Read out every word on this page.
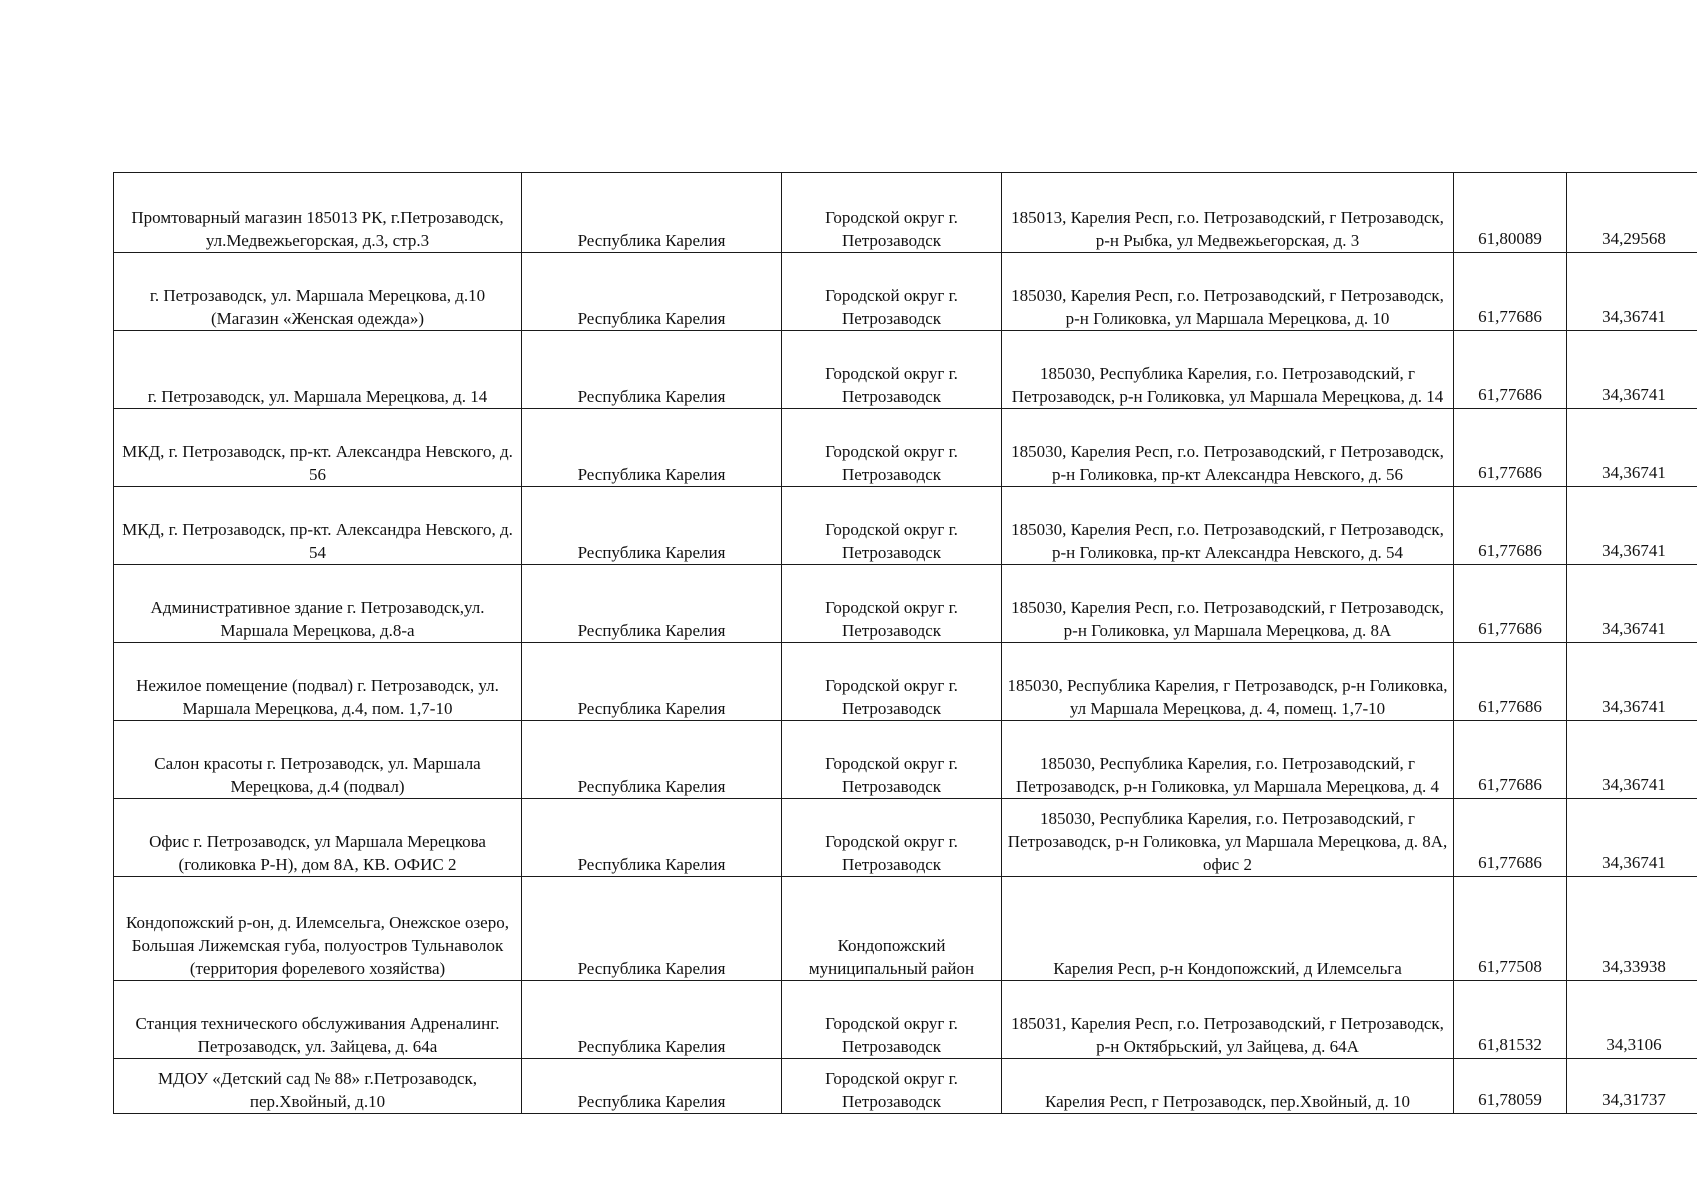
Промтоварный магазин 185013 РК, г.Петрозаводск, ул.Медвежьегорская, д.3, стр.3	Республика Карелия	Городской округ г. Петрозаводск	185013, Карелия Респ, г.о. Петрозаводский, г Петрозаводск, р-н Рыбка, ул Медвежьегорская, д. 3	61,80089	34,29568
г. Петрозаводск, ул. Маршала Мерецкова, д.10 (Магазин «Женская одежда»)	Республика Карелия	Городской округ г. Петрозаводск	185030, Карелия Респ, г.о. Петрозаводский, г Петрозаводск, р-н Голиковка, ул Маршала Мерецкова, д. 10	61,77686	34,36741
г. Петрозаводск, ул. Маршала Мерецкова, д. 14	Республика Карелия	Городской округ г. Петрозаводск	185030, Республика Карелия, г.о. Петрозаводский, г Петрозаводск, р-н Голиковка, ул Маршала Мерецкова, д. 14	61,77686	34,36741
МКД, г. Петрозаводск, пр-кт. Александра Невского, д. 56	Республика Карелия	Городской округ г. Петрозаводск	185030, Карелия Респ, г.о. Петрозаводский, г Петрозаводск, р-н Голиковка, пр-кт Александра Невского, д. 56	61,77686	34,36741
МКД, г. Петрозаводск, пр-кт. Александра Невского, д. 54	Республика Карелия	Городской округ г. Петрозаводск	185030, Карелия Респ, г.о. Петрозаводский, г Петрозаводск, р-н Голиковка, пр-кт Александра Невского, д. 54	61,77686	34,36741
Административное здание г. Петрозаводск,ул. Маршала Мерецкова, д.8-а	Республика Карелия	Городской округ г. Петрозаводск	185030, Карелия Респ, г.о. Петрозаводский, г Петрозаводск, р-н Голиковка, ул Маршала Мерецкова, д. 8А	61,77686	34,36741
Нежилое помещение (подвал) г. Петрозаводск, ул. Маршала Мерецкова, д.4, пом. 1,7-10	Республика Карелия	Городской округ г. Петрозаводск	185030, Республика Карелия, г Петрозаводск, р-н Голиковка, ул Маршала Мерецкова, д. 4, помещ. 1,7-10	61,77686	34,36741
Салон красоты г. Петрозаводск, ул. Маршала Мерецкова, д.4 (подвал)	Республика Карелия	Городской округ г. Петрозаводск	185030, Республика Карелия, г.о. Петрозаводский, г Петрозаводск, р-н Голиковка, ул Маршала Мерецкова, д. 4	61,77686	34,36741
Офис г. Петрозаводск, ул Маршала Мерецкова (голиковка Р-Н), дом 8А, КВ. ОФИС 2	Республика Карелия	Городской округ г. Петрозаводск	185030, Республика Карелия, г.о. Петрозаводский, г Петрозаводск, р-н Голиковка, ул Маршала Мерецкова, д. 8А, офис 2	61,77686	34,36741
Кондопожский р-он, д. Илемсельга, Онежское озеро, Большая Лижемская губа, полуостров Тульнаволок (территория форелевого хозяйства)	Республика Карелия	Кондопожский муниципальный район	Карелия Респ, р-н Кондопожский, д Илемсельга	61,77508	34,33938
Станция технического обслуживания Адреналинг. Петрозаводск, ул. Зайцева, д. 64а	Республика Карелия	Городской округ г. Петрозаводск	185031, Карелия Респ, г.о. Петрозаводский, г Петрозаводск, р-н Октябрьский, ул Зайцева, д. 64А	61,81532	34,3106
МДОУ «Детский сад № 88» г.Петрозаводск, пер.Хвойный, д.10	Республика Карелия	Городской округ г. Петрозаводск	Карелия Респ, г Петрозаводск, пер.Хвойный, д. 10	61,78059	34,31737
